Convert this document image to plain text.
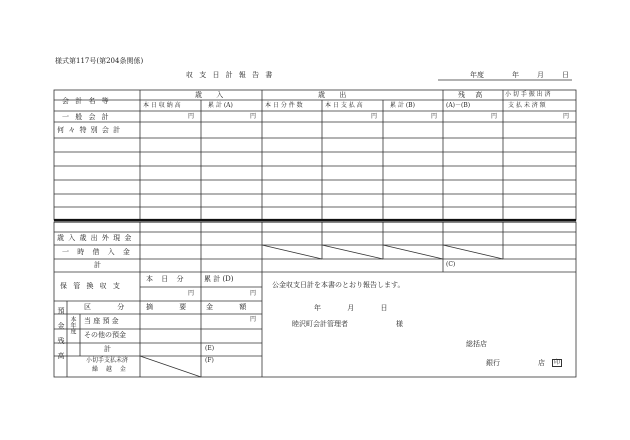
様式第117号(第204条関係)
収 支 日 計 報 告 書	年度	年	月	日
会 計 名 等
歳 入	歳 出	残 高	小 切 手 振 出 済
支 払 未 済 額
本 日 収 納 高	累 計 (A)	本 日 分 件 数	本 日 支 払 高	累 計 (B)	(A)－(B)
一 般 会 計	円	円	円	円	円	円
何 々 特 別 会 計
歳 入 歳 出 外 現 金
一 時 借 入 金
計	(C)
保 管 換 収 支
本 日 分	累 計 (D)
円	円
預金残高	区 分 摘 要 金 額
本年度 当 座 預 金	円
その他の預金
計	(E)
小切手支払未済
繰 越 金
(F)
公金収支日計を本書のとおり報告します。
年 月 日
睦沢町会計管理者	様
総括店
銀行	店	印
